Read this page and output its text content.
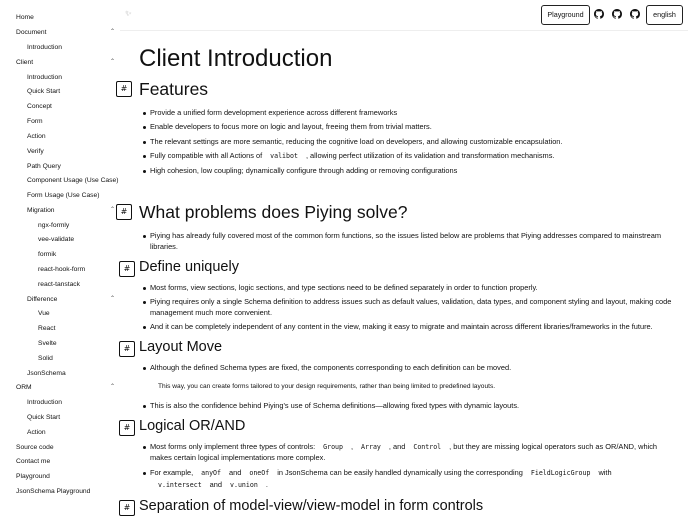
Home
Document	⌃
Introduction
Client	⌃
Introduction
Quick Start
Concept
Form
Action
Verify
Path Query
Component Usage (Use Case)
Form Usage (Use Case)
Migration	⌃
ngx-formly
vee-validate
formik
react-hook-form
react-tanstack
Difference	⌃
Vue
React
Svelte
Solid
JsonSchema
ORM	⌃
Introduction
Quick Start
Action
Source code
Contact me
Playground
JsonSchema Playground
✨︎	Playground	english
Client Introduction
# Features
Provide a unified form development experience across different frameworks
Enable developers to focus more on logic and layout, freeing them from trivial matters.
The relevant settings are more semantic, reducing the cognitive load on developers, and allowing customizable encapsulation.
Fully compatible with all Actions of valibot , allowing perfect utilization of its validation and transformation mechanisms.
High cohesion, low coupling; dynamically configure through adding or removing configurations
# What problems does Piying solve?
Piying has already fully covered most of the common form functions, so the issues listed below are problems that Piying addresses compared to mainstream
libraries.
# Define uniquely
Most forms, view sections, logic sections, and type sections need to be defined separately in order to function properly.
Piying requires only a single Schema definition to address issues such as default values, validation, data types, and component styling and layout, making code
management much more convenient.
And it can be completely independent of any content in the view, making it easy to migrate and maintain across different libraries/frameworks in the future.
# Layout Move
Although the defined Schema types are fixed, the components corresponding to each definition can be moved.
This way, you can create forms tailored to your design requirements, rather than being limited to predefined layouts.
This is also the confidence behind Piying's use of Schema definitions—allowing fixed types with dynamic layouts.
# Logical OR/AND
Most forms only implement three types of controls: Group , Array , and Control , but they are missing logical operators such as OR/AND, which
makes certain logical implementations more complex.
For example, anyOf and oneOf in JsonSchema can be easily handled dynamically using the corresponding FieldLogicGroup with
v.intersect and v.union .
# Separation of model-view/view-model in form controls
